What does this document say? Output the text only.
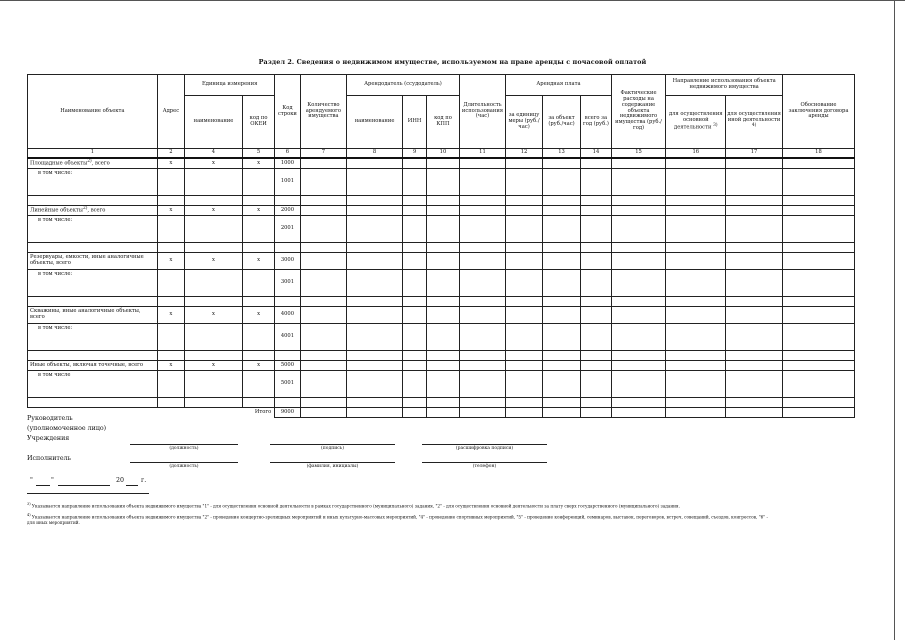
Раздел 2. Сведения о недвижимом имуществе, используемом на праве аренды с почасовой оплатой
Наименование объекта	Адрес	Единица измерения		Код строки	Количество арендуемого имущества	Арендодатель (ссудодатель)			Длительность использования (час)	Арендная плата			Фактические расходы на содержание объекта недвижимого имущества (руб./год)	Направление использования объекта недвижимого имущества		Обоснование заключения договора аренды
		наименование	код по ОКЕИ			наименование	ИНН	код по КПП		за единицу меры (руб./час)	за объект (руб./час)	всего за год (руб.)		для осуществления основной деятельности $^{3)}$	для осуществления иной деятельности $^{4)}$
1	2	4	5	6	7	8	9	10	11	12	13	14	15	16	17	18
Площадные объекты$^{2)}$, всего	х	х	х	1000												
в том числе:				1001												

Линейные объекты$^{2)}$, всего	х	х	х	2000												
в том числе:				2001												

Резервуары, емкости, иные аналогичные объекты, всего	х	х	х	3000												
в том числе:				3001												

Скважины, иные аналогичные объекты, всего	х	х	х	4000												
в том числе:				4001												

Иные объекты, включая точечные, всего	х	х	х	5000												
в том числе				5001												

Итого				9000												
Руководитель
(уполномоченное лицо)
Учреждения
(должность)	(подпись)	(расшифровка подписи)
Исполнитель
(должность)	(фамилия, инициалы)	(телефон)
"	"	20	г.
$^{3)}$ Указывается направление использования объекта недвижимого имущества "1" - для осуществления основной деятельности в рамках государственного (муниципального) задания, "2" - для осуществления основной деятельности за плату сверх государственного (муниципального) задания.
$^{4)}$ Указывается направление использования объекта недвижимого имущества "2" - проведение концертно-зрелищных мероприятий и иных культурно-массовых мероприятий, "4" - проведение спортивных мероприятий, "5" - проведение конференций, семинаров, выставок, переговоров, встреч, совещаний, съездов, конгрессов, "6" -
для иных мероприятий.
